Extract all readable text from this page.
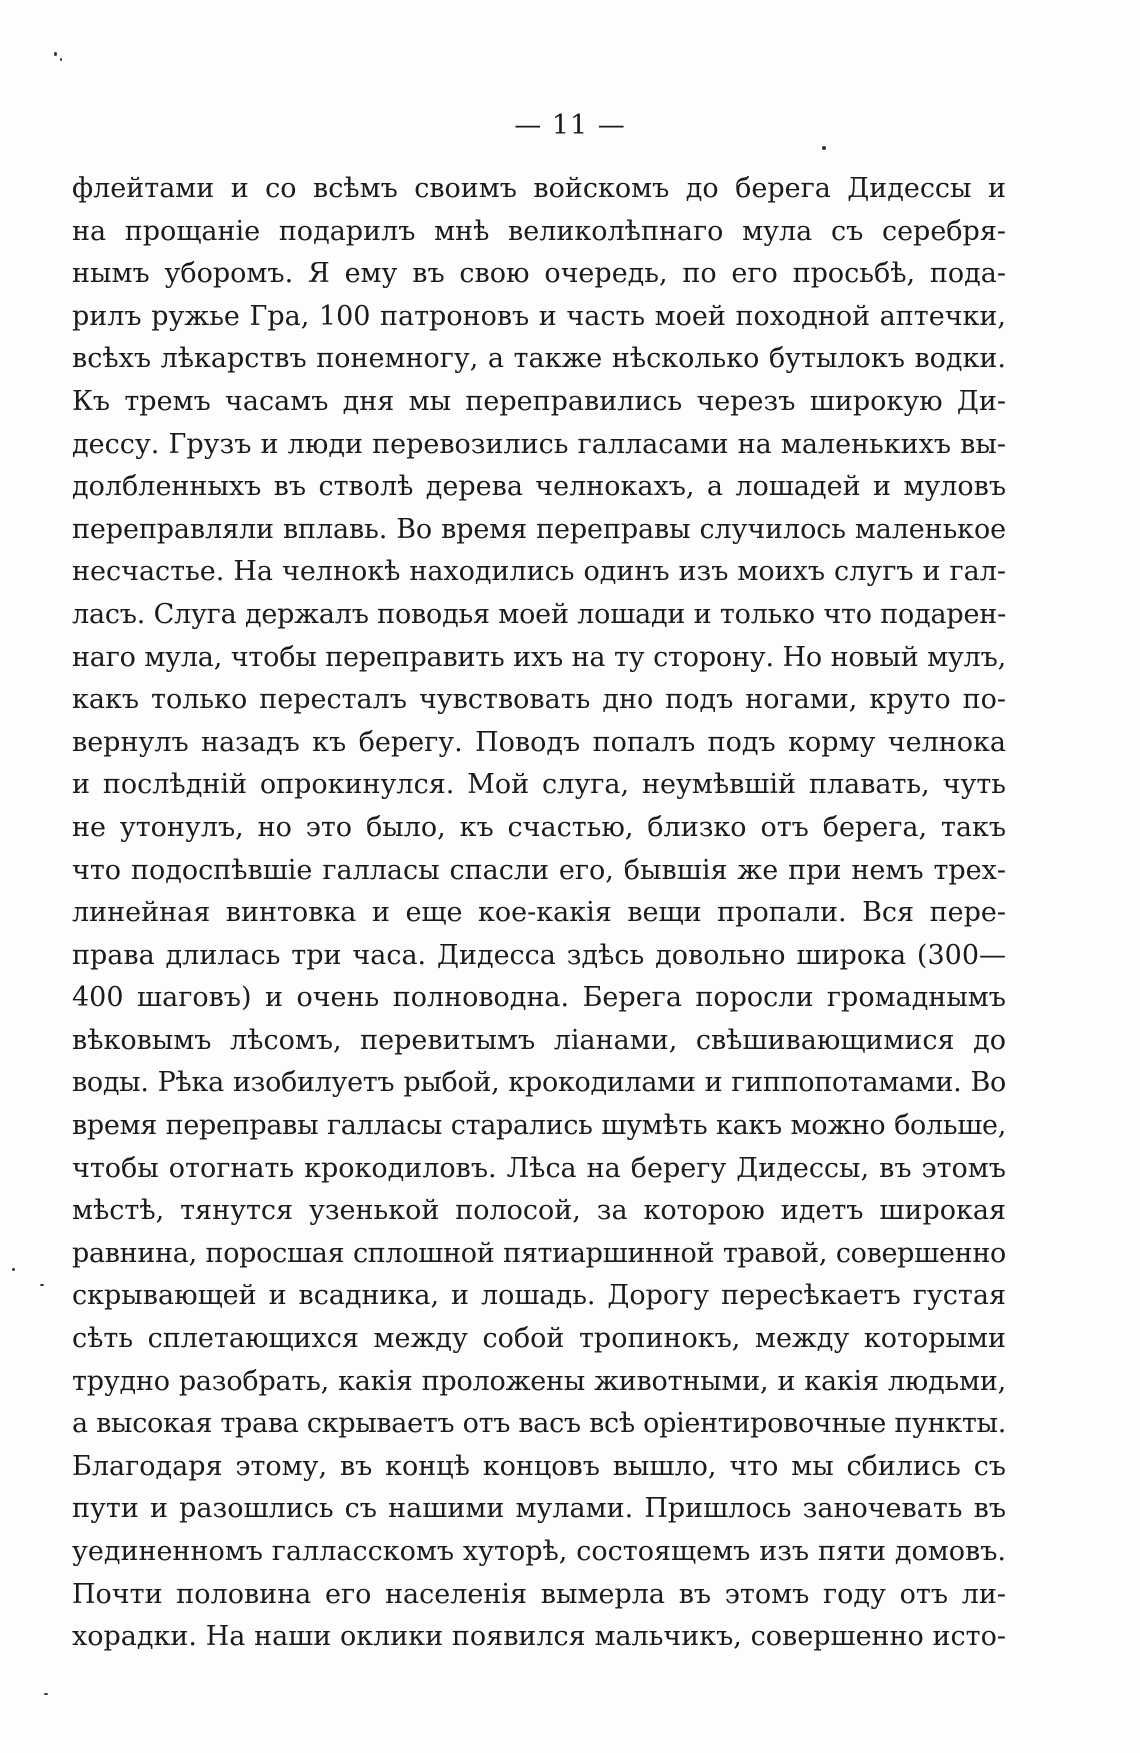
— 11 —
флейтами и со всѣмъ своимъ войскомъ до берега Дидессы и
на прощаніе подарилъ мнѣ великолѣпнаго мула съ серебря-
нымъ уборомъ. Я ему въ свою очередь, по его просьбѣ, пода-
рилъ ружье Гра, 100 патроновъ и часть моей походной аптечки,
всѣхъ лѣкарствъ понемногу, а также нѣсколько бутылокъ водки.
Къ тремъ часамъ дня мы переправились черезъ широкую Ди-
дессу. Грузъ и люди перевозились галласами на маленькихъ вы-
долбленныхъ въ стволѣ дерева челнокахъ, а лошадей и муловъ
переправляли вплавь. Во время переправы случилось маленькое
несчастье. На челнокѣ находились одинъ изъ моихъ слугъ и гал-
ласъ. Слуга держалъ поводья моей лошади и только что подарен-
наго мула, чтобы переправить ихъ на ту сторону. Но новый мулъ,
какъ только пересталъ чувствовать дно подъ ногами, круто по-
вернулъ назадъ къ берегу. Поводъ попалъ подъ корму челнока
и послѣдній опрокинулся. Мой слуга, неумѣвшій плавать, чуть
не утонулъ, но это было, къ счастью, близко отъ берега, такъ
что подоспѣвшіе галласы спасли его, бывшія же при немъ трех-
линейная винтовка и еще кое-какія вещи пропали. Вся пере-
права длилась три часа. Дидесса здѣсь довольно широка (300—
400 шаговъ) и очень полноводна. Берега поросли громаднымъ
вѣковымъ лѣсомъ, перевитымъ ліанами, свѣшивающимися до
воды. Рѣка изобилуетъ рыбой, крокодилами и гиппопотамами. Во
время переправы галласы старались шумѣть какъ можно больше,
чтобы отогнать крокодиловъ. Лѣса на берегу Дидессы, въ этомъ
мѣстѣ, тянутся узенькой полосой, за которою идетъ широкая
равнина, поросшая сплошной пятиаршинной травой, совершенно
скрывающей и всадника, и лошадь. Дорогу пересѣкаетъ густая
сѣть сплетающихся между собой тропинокъ, между которыми
трудно разобрать, какія проложены животными, и какія людьми,
а высокая трава скрываетъ отъ васъ всѣ оріентировочные пункты.
Благодаря этому, въ концѣ концовъ вышло, что мы сбились съ
пути и разошлись съ нашими мулами. Пришлось заночевать въ
уединенномъ галласскомъ хуторѣ, состоящемъ изъ пяти домовъ.
Почти половина его населенія вымерла въ этомъ году отъ ли-
хорадки. На наши оклики появился мальчикъ, совершенно исто-
